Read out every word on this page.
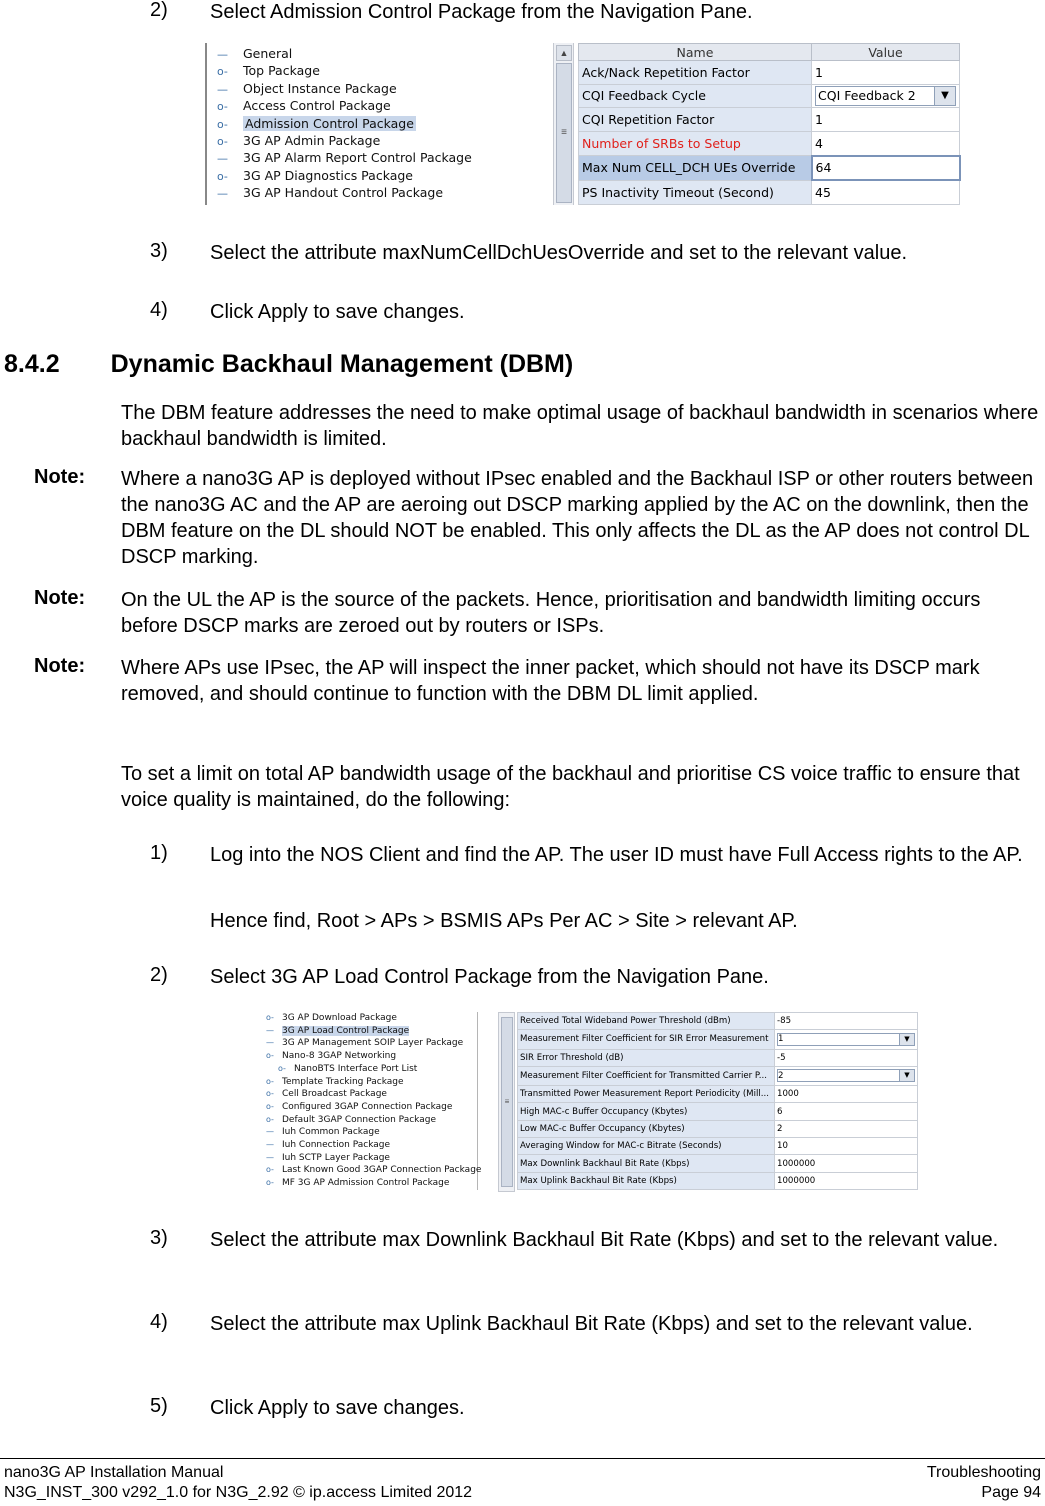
2) Select Admission Control Package from the Navigation Pane.
— General
o- Top Package
— Object Instance Package
o- Access Control Package
o- Admission Control Package
o- 3G AP Admin Package
— 3G AP Alarm Report Control Package
o- 3G AP Diagnostics Package
— 3G AP Handout Control Package
▲
≡
Name	Value
Ack/Nack Repetition Factor	1
CQI Feedback Cycle	CQI Feedback 2 ▼

CQI Repetition Factor	1
Number of SRBs to Setup	4
Max Num CELL_DCH UEs Override	64
PS Inactivity Timeout (Second)	45
3) Select the attribute maxNumCellDchUesOverride and set to the relevant value.
4) Click Apply to save changes.
8.4.2 Dynamic Backhaul Management (DBM)
The DBM feature addresses the need to make optimal usage of backhaul bandwidth in scenarios where backhaul bandwidth is limited.
Note: Where a nano3G AP is deployed without IPsec enabled and the Backhaul ISP or other routers between the nano3G AC and the AP are aeroing out DSCP marking applied by the AC on the downlink, then the DBM feature on the DL should NOT be enabled. This only affects the DL as the AP does not control DL DSCP marking.
Note: On the UL the AP is the source of the packets. Hence, prioritisation and bandwidth limiting occurs before DSCP marks are zeroed out by routers or ISPs.
Note: Where APs use IPsec, the AP will inspect the inner packet, which should not have its DSCP mark removed, and should continue to function with the DBM DL limit applied.
To set a limit on total AP bandwidth usage of the backhaul and prioritise CS voice traffic to ensure that voice quality is maintained, do the following:
1) Log into the NOS Client and find the AP. The user ID must have Full Access rights to the AP.
Hence find, Root > APs > BSMIS APs Per AC > Site > relevant AP.
2) Select 3G AP Load Control Package from the Navigation Pane.
o- 3G AP Download Package
— 3G AP Load Control Package
— 3G AP Management SOIP Layer Package
o- Nano-8 3GAP Networking
o- NanoBTS Interface Port List
o- Template Tracking Package
o- Cell Broadcast Package
o- Configured 3GAP Connection Package
o- Default 3GAP Connection Package
— Iuh Common Package
— Iuh Connection Package
— Iuh SCTP Layer Package
o- Last Known Good 3GAP Connection Package
o- MF 3G AP Admission Control Package
≡
Received Total Wideband Power Threshold (dBm)	-85
Measurement Filter Coefficient for SIR Error Measurement	1 ▼

SIR Error Threshold (dB)	-5
Measurement Filter Coefficient for Transmitted Carrier P...	2 ▼

Transmitted Power Measurement Report Periodicity (Mill...	1000
High MAC-c Buffer Occupancy (Kbytes)	6
Low MAC-c Buffer Occupancy (Kbytes)	2
Averaging Window for MAC-c Bitrate (Seconds)	10
Max Downlink Backhaul Bit Rate (Kbps)	1000000
Max Uplink Backhaul Bit Rate (Kbps)	1000000
3) Select the attribute max Downlink Backhaul Bit Rate (Kbps) and set to the relevant value.
4) Select the attribute max Uplink Backhaul Bit Rate (Kbps) and set to the relevant value.
5) Click Apply to save changes.
nano3G AP Installation Manual
N3G_INST_300 v292_1.0 for N3G_2.92 © ip.access Limited 2012
Troubleshooting
Page 94
